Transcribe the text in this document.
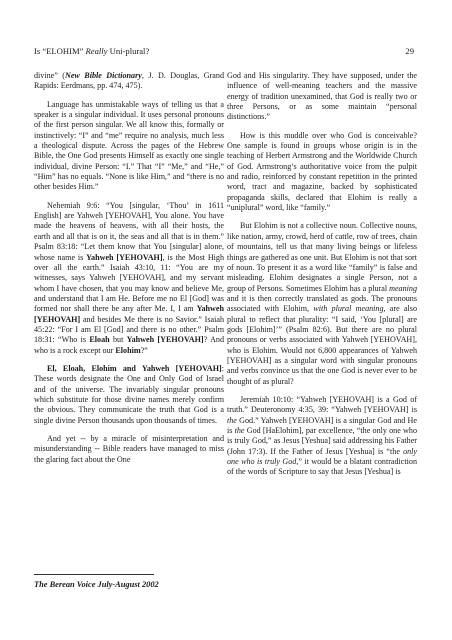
Is “ELOHIM” Really Uni-plural?	29

divine” (New Bible Dictionary, J. D. Douglas, Grand Rapids: Eerdmans, pp. 474, 475).

Language has unmistakable ways of telling us that a speaker is a singular individual. It uses personal pronouns of the first person singular. We all know this, formally or instinctively: “I” and “me” require no analysis, much less a theological dispute. Across the pages of the Hebrew Bible, the One God presents Himself as exactly one single individual, divine Person: “I.” That “I” “Me,” and “He,” “Him” has no equals. “None is like Him,” and “there is no other besides Him.”

Nehemiah 9:6: “You [singular, ‘Thou’ in 1611 English] are Yahweh [YEHOVAH], You alone. You have made the heavens of heavens, with all their hosts, the earth and all that is on it, the seas and all that is in them.” Psalm 83:18: “Let them know that You [singular] alone, whose name is Yahweh [YEHOVAH], is the Most High over all the earth.” Isaiah 43:10, 11: “You are my witnesses, says Yahweh [YEHOVAH], and my servant whom I have chosen, that you may know and believe Me, and understand that I am He. Before me no El [God] was formed nor shall there be any after Me. I, I am Yahweh [YEHOVAH] and besides Me there is no Savior.” Isaiah 45:22: “For I am El [God] and there is no other.” Psalm 18:31: “Who is Eloah but Yahweh [YEHOVAH]? And who is a rock except our Elohim?”

El, Eloah, Elohim and Yahweh [YEHOVAH]: These words designate the One and Only God of Israel and of the universe. The invariably singular pronouns which substitute for those divine names merely confirm the obvious. They communicate the truth that God is a single divine Person thousands upon thousands of times.

And yet -- by a miracle of misinterpretation and misunderstanding -- Bible readers have managed to miss the glaring fact about the One

God and His singularity. They have supposed, under the influence of well-meaning teachers and the massive energy of tradition unexamined, that God is really two or three Persons, or as some maintain “personal distinctions.”

How is this muddle over who God is conceivable? One sample is found in groups whose origin is in the teaching of Herbert Armstrong and the Worldwide Church of God. Armstrong’s authoritative voice from the pulpit and radio, reinforced by constant repetition in the printed word, tract and magazine, backed by sophisticated propaganda skills, declared that Elohim is really a “uniplural” word, like “family.”

But Elohim is not a collective noun. Collective nouns, like nation, army, crowd, herd of cattle, row of trees, chain of mountains, tell us that many living beings or lifeless things are gathered as one unit. But Elohim is not that sort of noun. To present it as a word like “family” is false and misleading. Elohim designates a single Person, not a group of Persons. Sometimes Elohim has a plural meaning and it is then correctly translated as gods. The pronouns associated with Elohim, with plural meaning, are also plural to reflect that plurality: “I said, ‘You [plural] are gods [Elohim]’” (Psalm 82:6). But there are no plural pronouns or verbs associated with Yahweh [YEHOVAH], who is Elohim. Would not 6,800 appearances of Yahweh [YEHOVAH] as a singular word with singular pronouns and verbs convince us that the one God is never ever to be thought of as plural?

Jeremiah 10:10: “Yahweh [YEHOVAH] is a God of truth.” Deuteronomy 4:35, 39: “Yahweh [YEHOVAH] is the God.” Yahweh [YEHOVAH] is a singular God and He is the God [HaElohim], par excellence, “the only one who is truly God,” as Jesus [Yeshua] said addressing his Father (John 17:3). If the Father of Jesus [Yeshua] is “the only one who is truly God,” it would be a blatant contradiction of the words of Scripture to say that Jesus [Yeshua] is

The Berean Voice July-August 2002
